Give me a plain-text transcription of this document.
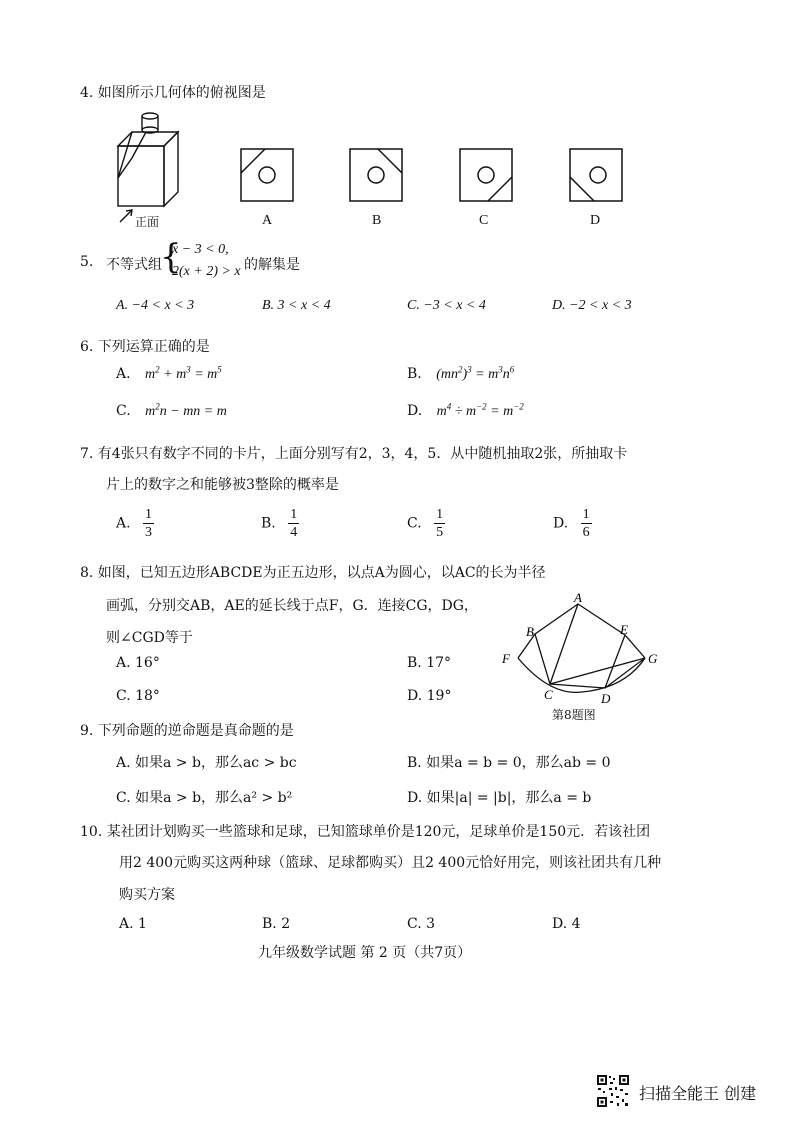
4. 如图所示几何体的俯视图是
正面	A	B	C	D
5. 不等式组
{
x − 3 < 0,
2(x + 2) > x 的解集是
A. −4 < x < 3	B. 3 < x < 4	C. −3 < x < 4	D. −2 < x < 3
6. 下列运算正确的是
A. $m^2 + m^3 = m^5$	B. $(mn^2)^3 = m^3n^6$
C. $m^2n$ − mn = m	D. $m^4 \div m^{-2} = m^{-2}$
7. 有4张只有数字不同的卡片，上面分别写有2，3，4，5．从中随机抽取2张，所抽取卡
片上的数字之和能够被3整除的概率是
A. $\frac{1}{3}$	B. $\frac{1}{4}$	C. $\frac{1}{5}$	D. $\frac{1}{6}$
8. 如图，已知五边形ABCDE为正五边形，以点A为圆心，以AC的长为半径
画弧，分别交AB，AE的延长线于点F，G．连接CG，DG，
则∠CGD等于
A. 16°	B. 17°
C. 18°	D. 19°
A
B
C	D
E
F	G
第8题图
9. 下列命题的逆命题是真命题的是
A. 如果a > b，那么ac > bc	B. 如果a = b = 0，那么ab = 0
C. 如果a > b，那么a² > b²	D. 如果|a| = |b|，那么a = b
10. 某社团计划购买一些篮球和足球，已知篮球单价是120元，足球单价是150元．若该社团
用2 400元购买这两种球（篮球、足球都购买）且2 400元恰好用完，则该社团共有几种
购买方案
A. 1	B. 2	C. 3	D. 4
九年级数学试题 第 2 页（共7页）
扫描全能王 创建
